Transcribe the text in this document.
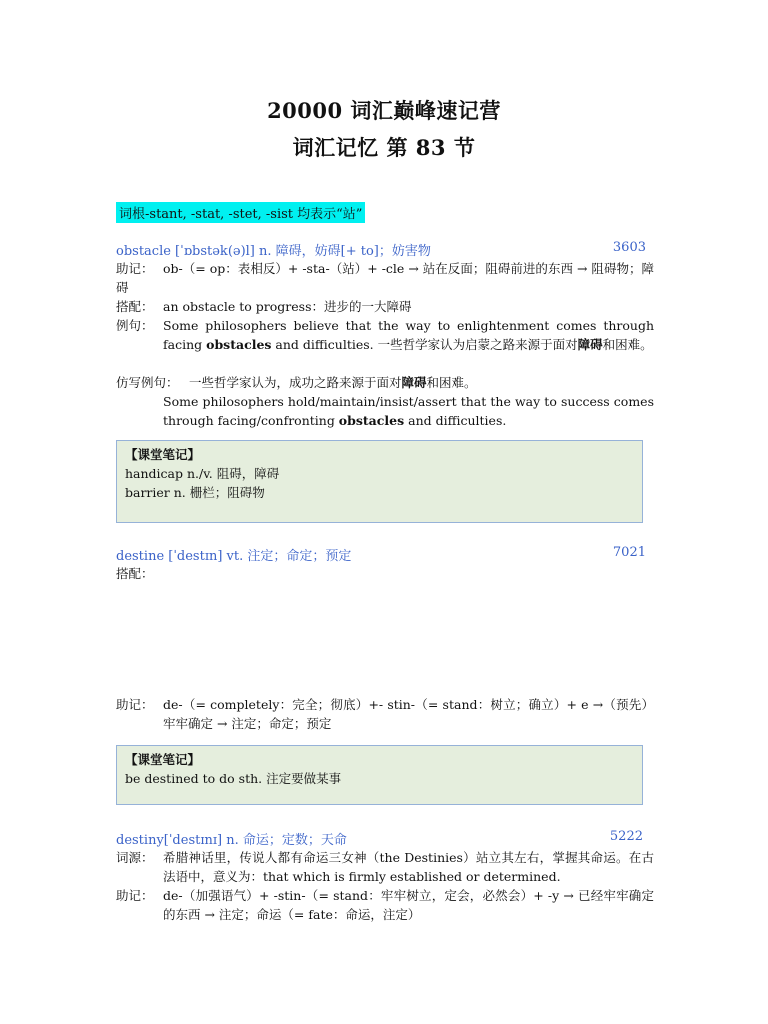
20000 词汇巅峰速记营
词汇记忆 第 83 节
词根-stant, -stat, -stet, -sist 均表示“站”
obstacle [ˈɒbstək(ə)l] n. 障碍，妨碍[+ to]；妨害物	3603
助记： ob-（= op：表相反）+ -sta-（站）+ -cle → 站在反面；阻碍前进的东西 → 阻碍物；障碍
搭配： an obstacle to progress：进步的一大障碍
例句： Some philosophers believe that the way to enlightenment comes through facing obstacles and difficulties. 一些哲学家认为启蒙之路来源于面对障碍和困难。
仿写例句： 一些哲学家认为，成功之路来源于面对障碍和困难。
Some philosophers hold/maintain/insist/assert that the way to success comes through facing/confronting obstacles and difficulties.
【课堂笔记】
handicap n./v. 阻碍，障碍
barrier n. 栅栏；阻碍物
destine [ˈdestɪn] vt. 注定；命定；预定	7021
搭配：
助记： de-（= completely：完全；彻底）+- stin-（= stand：树立；确立）+ e →（预先）牢牢确定 → 注定；命定；预定
【课堂笔记】
be destined to do sth. 注定要做某事
destiny[ˈdestɪnɪ] n. 命运；定数；天命	5222
词源： 希腊神话里，传说人都有命运三女神（the Destinies）站立其左右，掌握其命运。在古法语中，意义为：that which is firmly established or determined.
助记： de-（加强语气）+ -stin-（= stand：牢牢树立，定会，必然会）+ -y → 已经牢牢确定的东西 → 注定；命运（= fate：命运，注定）
